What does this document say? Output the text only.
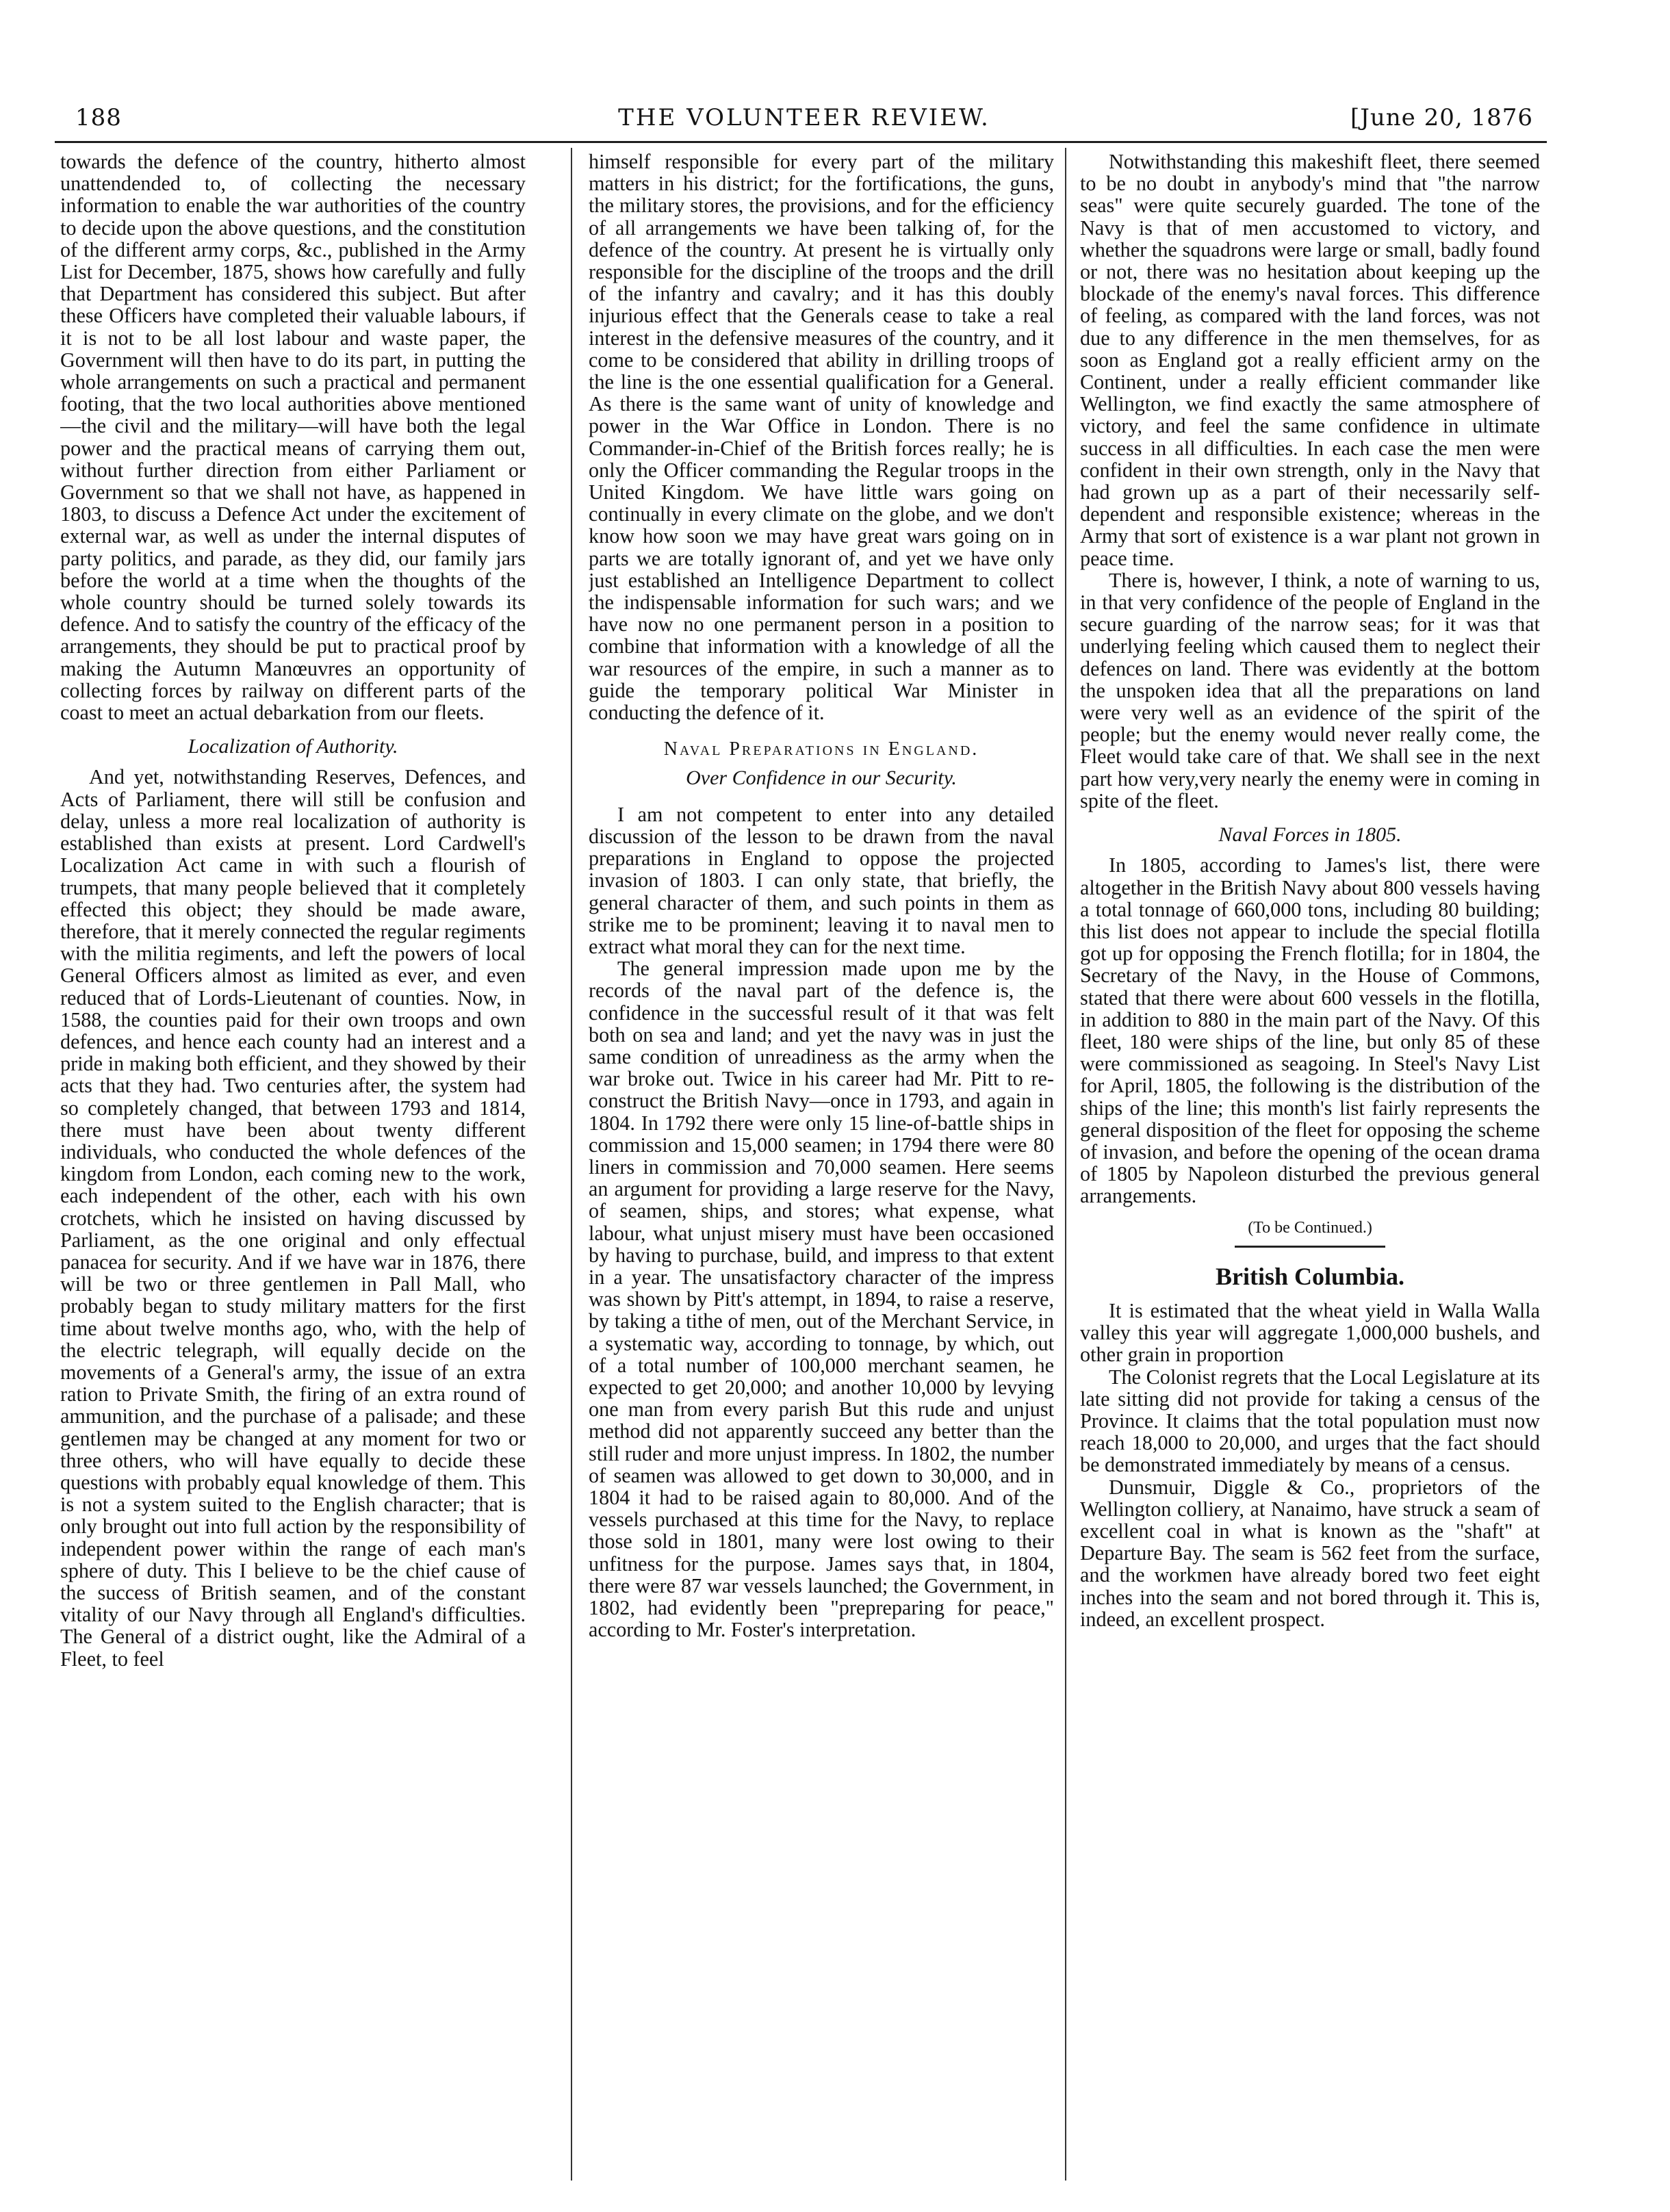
188	THE VOLUNTEER REVIEW.	[June 20, 1876

towards the defence of the country, hitherto almost unattendended to, of collecting the necessary information to enable the war authorities of the country to decide upon the above questions, and the constitution of the different army corps, &c., published in the Army List for December, 1875, shows how carefully and fully that Department has considered this subject. But after these Officers have completed their valuable labours, if it is not to be all lost labour and waste paper, the Government will then have to do its part, in putting the whole arrangements on such a practical and permanent footing, that the two local authorities above mentioned—the civil and the military—will have both the legal power and the practical means of carrying them out, without further direction from either Parliament or Government so that we shall not have, as happened in 1803, to discuss a Defence Act under the excitement of external war, as well as under the internal disputes of party politics, and parade, as they did, our family jars before the world at a time when the thoughts of the whole country should be turned solely towards its defence. And to satisfy the country of the efficacy of the arrangements, they should be put to practical proof by making the Autumn Manœuvres an opportunity of collecting forces by railway on different parts of the coast to meet an actual debarkation from our fleets.

Localization of Authority.

And yet, notwithstanding Reserves, Defences, and Acts of Parliament, there will still be confusion and delay, unless a more real localization of authority is established than exists at present. Lord Cardwell's Localization Act came in with such a flourish of trumpets, that many people believed that it completely effected this object; they should be made aware, therefore, that it merely connected the regular regiments with the militia regiments, and left the powers of local General Officers almost as limited as ever, and even reduced that of Lords-Lieutenant of counties. Now, in 1588, the counties paid for their own troops and own defences, and hence each county had an interest and a pride in making both efficient, and they showed by their acts that they had. Two centuries after, the system had so completely changed, that between 1793 and 1814, there must have been about twenty different individuals, who conducted the whole defences of the kingdom from London, each coming new to the work, each independent of the other, each with his own crotchets, which he insisted on having discussed by Parliament, as the one original and only effectual panacea for security. And if we have war in 1876, there will be two or three gentlemen in Pall Mall, who probably began to study military matters for the first time about twelve months ago, who, with the help of the electric telegraph, will equally decide on the movements of a General's army, the issue of an extra ration to Private Smith, the firing of an extra round of ammunition, and the purchase of a palisade; and these gentlemen may be changed at any moment for two or three others, who will have equally to decide these questions with probably equal knowledge of them. This is not a system suited to the English character; that is only brought out into full action by the responsibility of independent power within the range of each man's sphere of duty. This I believe to be the chief cause of the success of British seamen, and of the constant vitality of our Navy through all England's difficulties. The General of a district ought, like the Admiral of a Fleet, to feel

himself responsible for every part of the military matters in his district; for the fortifications, the guns, the military stores, the provisions, and for the efficiency of all arrangements we have been talking of, for the defence of the country. At present he is virtually only responsible for the discipline of the troops and the drill of the infantry and cavalry; and it has this doubly injurious effect that the Generals cease to take a real interest in the defensive measures of the country, and it come to be considered that ability in drilling troops of the line is the one essential qualification for a General. As there is the same want of unity of knowledge and power in the War Office in London. There is no Commander-in-Chief of the British forces really; he is only the Officer commanding the Regular troops in the United Kingdom. We have little wars going on continually in every climate on the globe, and we don't know how soon we may have great wars going on in parts we are totally ignorant of, and yet we have only just established an Intelligence Department to collect the indispensable information for such wars; and we have now no one permanent person in a position to combine that information with a knowledge of all the war resources of the empire, in such a manner as to guide the temporary political War Minister in conducting the defence of it.

Naval Preparations in England.
Over Confidence in our Security.

I am not competent to enter into any detailed discussion of the lesson to be drawn from the naval preparations in England to oppose the projected invasion of 1803. I can only state, that briefly, the general character of them, and such points in them as strike me to be prominent; leaving it to naval men to extract what moral they can for the next time.

The general impression made upon me by the records of the naval part of the defence is, the confidence in the successful result of it that was felt both on sea and land; and yet the navy was in just the same condition of unreadiness as the army when the war broke out. Twice in his career had Mr. Pitt to re-construct the British Navy—once in 1793, and again in 1804. In 1792 there were only 15 line-of-battle ships in commission and 15,000 seamen; in 1794 there were 80 liners in commission and 70,000 seamen. Here seems an argument for providing a large reserve for the Navy, of seamen, ships, and stores; what expense, what labour, what unjust misery must have been occasioned by having to purchase, build, and impress to that extent in a year. The unsatisfactory character of the impress was shown by Pitt's attempt, in 1894, to raise a reserve, by taking a tithe of men, out of the Merchant Service, in a systematic way, according to tonnage, by which, out of a total number of 100,000 merchant seamen, he expected to get 20,000; and another 10,000 by levying one man from every parish But this rude and unjust method did not apparently succeed any better than the still ruder and more unjust impress. In 1802, the number of seamen was allowed to get down to 30,000, and in 1804 it had to be raised again to 80,000. And of the vessels purchased at this time for the Navy, to replace those sold in 1801, many were lost owing to their unfitness for the purpose. James says that, in 1804, there were 87 war vessels launched; the Government, in 1802, had evidently been "prepreparing for peace," according to Mr. Foster's interpretation.

Notwithstanding this makeshift fleet, there seemed to be no doubt in anybody's mind that "the narrow seas" were quite securely guarded. The tone of the Navy is that of men accustomed to victory, and whether the squadrons were large or small, badly found or not, there was no hesitation about keeping up the blockade of the enemy's naval forces. This difference of feeling, as compared with the land forces, was not due to any difference in the men themselves, for as soon as England got a really efficient army on the Continent, under a really efficient commander like Wellington, we find exactly the same atmosphere of victory, and feel the same confidence in ultimate success in all difficulties. In each case the men were confident in their own strength, only in the Navy that had grown up as a part of their necessarily self-dependent and responsible existence; whereas in the Army that sort of existence is a war plant not grown in peace time.

There is, however, I think, a note of warning to us, in that very confidence of the people of England in the secure guarding of the narrow seas; for it was that underlying feeling which caused them to neglect their defences on land. There was evidently at the bottom the unspoken idea that all the preparations on land were very well as an evidence of the spirit of the people; but the enemy would never really come, the Fleet would take care of that. We shall see in the next part how very,very nearly the enemy were in coming in spite of the fleet.

Naval Forces in 1805.

In 1805, according to James's list, there were altogether in the British Navy about 800 vessels having a total tonnage of 660,000 tons, including 80 building; this list does not appear to include the special flotilla got up for opposing the French flotilla; for in 1804, the Secretary of the Navy, in the House of Commons, stated that there were about 600 vessels in the flotilla, in addition to 880 in the main part of the Navy. Of this fleet, 180 were ships of the line, but only 85 of these were commissioned as seagoing. In Steel's Navy List for April, 1805, the following is the distribution of the ships of the line; this month's list fairly represents the general disposition of the fleet for opposing the scheme of invasion, and before the opening of the ocean drama of 1805 by Napoleon disturbed the previous general arrangements.

(To be Continued.)
British Columbia.

It is estimated that the wheat yield in Walla Walla valley this year will aggregate 1,000,000 bushels, and other grain in proportion

The Colonist regrets that the Local Legislature at its late sitting did not provide for taking a census of the Province. It claims that the total population must now reach 18,000 to 20,000, and urges that the fact should be demonstrated immediately by means of a census.

Dunsmuir, Diggle & Co., proprietors of the Wellington colliery, at Nanaimo, have struck a seam of excellent coal in what is known as the "shaft" at Departure Bay. The seam is 562 feet from the surface, and the workmen have already bored two feet eight inches into the seam and not bored through it. This is, indeed, an excellent prospect.
